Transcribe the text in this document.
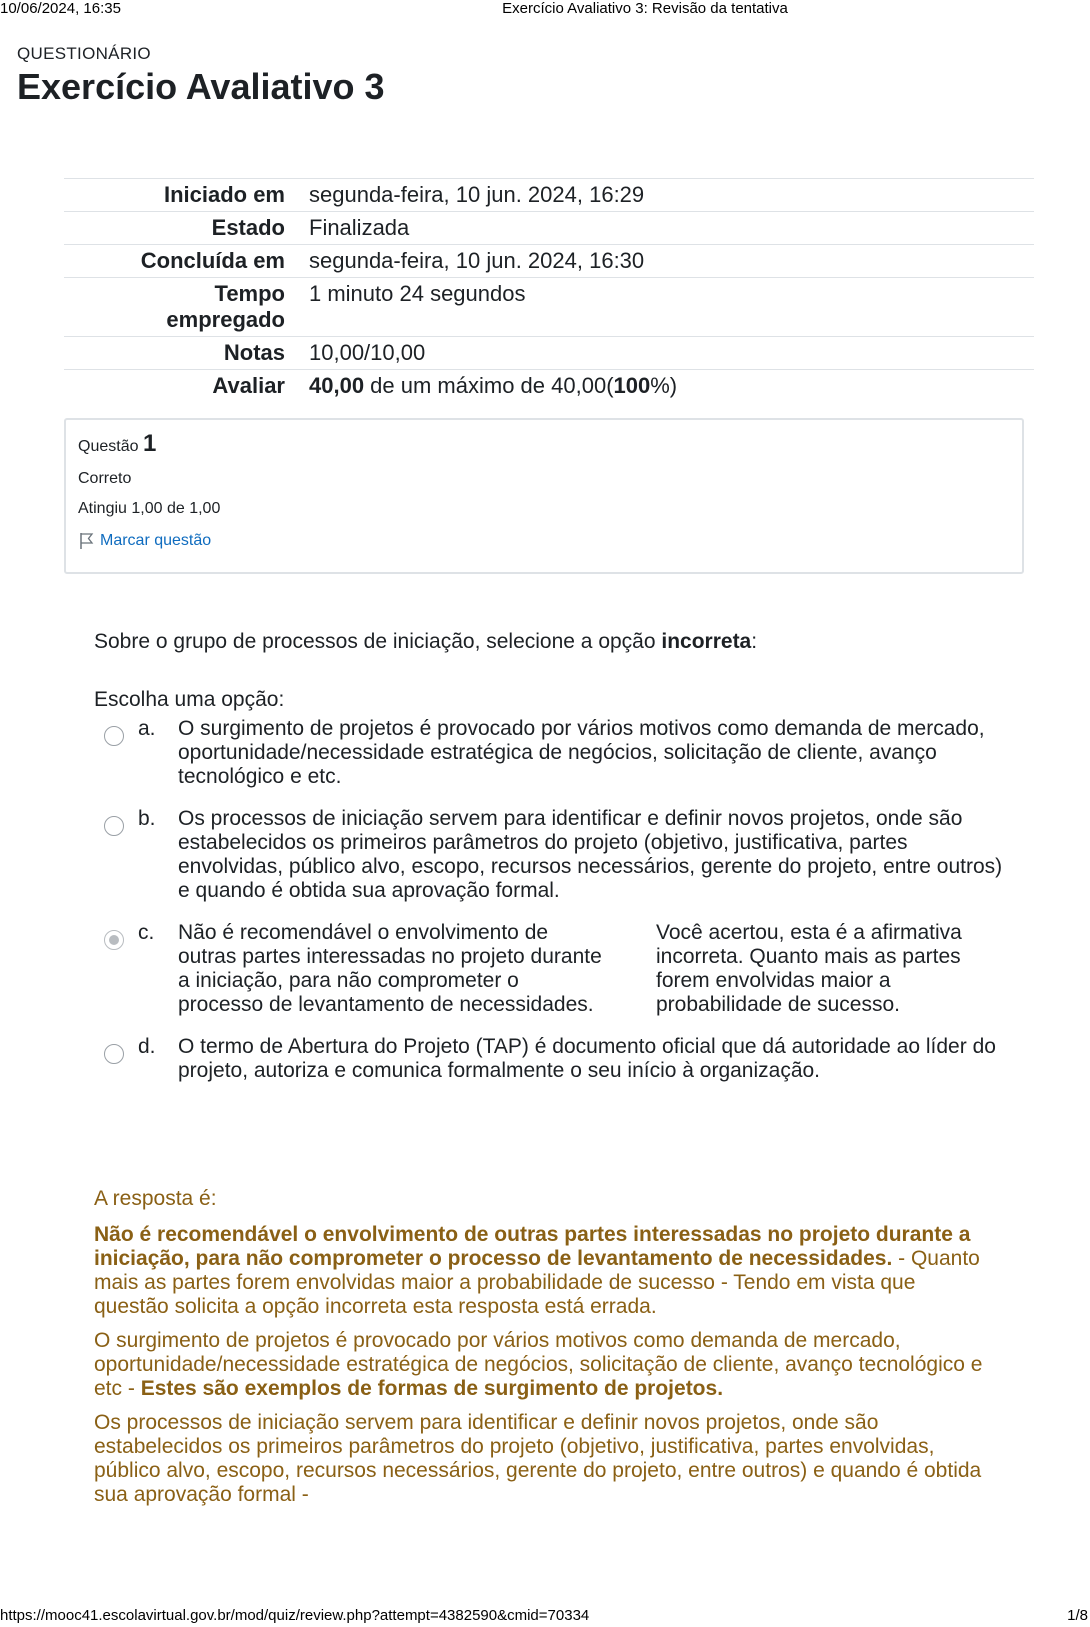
10/06/2024, 16:35	Exercício Avaliativo 3: Revisão da tentativa
QUESTIONÁRIO
Exercício Avaliativo 3
Iniciado em	segunda-feira, 10 jun. 2024, 16:29
Estado	Finalizada
Concluída em	segunda-feira, 10 jun. 2024, 16:30
Tempo
empregado	1 minuto 24 segundos
Notas	10,00/10,00
Avaliar	40,00 de um máximo de 40,00(100%)
Questão 1
Correto
Atingiu 1,00 de 1,00
Marcar questão
Sobre o grupo de processos de iniciação, selecione a opção incorreta:
Escolha uma opção:
a. O surgimento de projetos é provocado por vários motivos como demanda de mercado, oportunidade/necessidade estratégica de negócios, solicitação de cliente, avanço tecnológico e etc.
b. Os processos de iniciação servem para identificar e definir novos projetos, onde são estabelecidos os primeiros parâmetros do projeto (objetivo, justificativa, partes envolvidas, público alvo, escopo, recursos necessários, gerente do projeto, entre outros) e quando é obtida sua aprovação formal.
c. Não é recomendável o envolvimento de outras partes interessadas no projeto durante a iniciação, para não comprometer o processo de levantamento de necessidades.
Você acertou, esta é a afirmativa incorreta. Quanto mais as partes forem envolvidas maior a probabilidade de sucesso.
d. O termo de Abertura do Projeto (TAP) é documento oficial que dá autoridade ao líder do projeto, autoriza e comunica formalmente o seu início à organização.
A resposta é:

Não é recomendável o envolvimento de outras partes interessadas no projeto durante a iniciação, para não comprometer o processo de levantamento de necessidades. - Quanto mais as partes forem envolvidas maior a probabilidade de sucesso - Tendo em vista que questão solicita a opção incorreta esta resposta está errada.

O surgimento de projetos é provocado por vários motivos como demanda de mercado, oportunidade/necessidade estratégica de negócios, solicitação de cliente, avanço tecnológico e etc - Estes são exemplos de formas de surgimento de projetos.

Os processos de iniciação servem para identificar e definir novos projetos, onde são estabelecidos os primeiros parâmetros do projeto (objetivo, justificativa, partes envolvidas, público alvo, escopo, recursos necessários, gerente do projeto, entre outros) e quando é obtida sua aprovação formal -

https://mooc41.escolavirtual.gov.br/mod/quiz/review.php?attempt=4382590&cmid=70334	1/8
